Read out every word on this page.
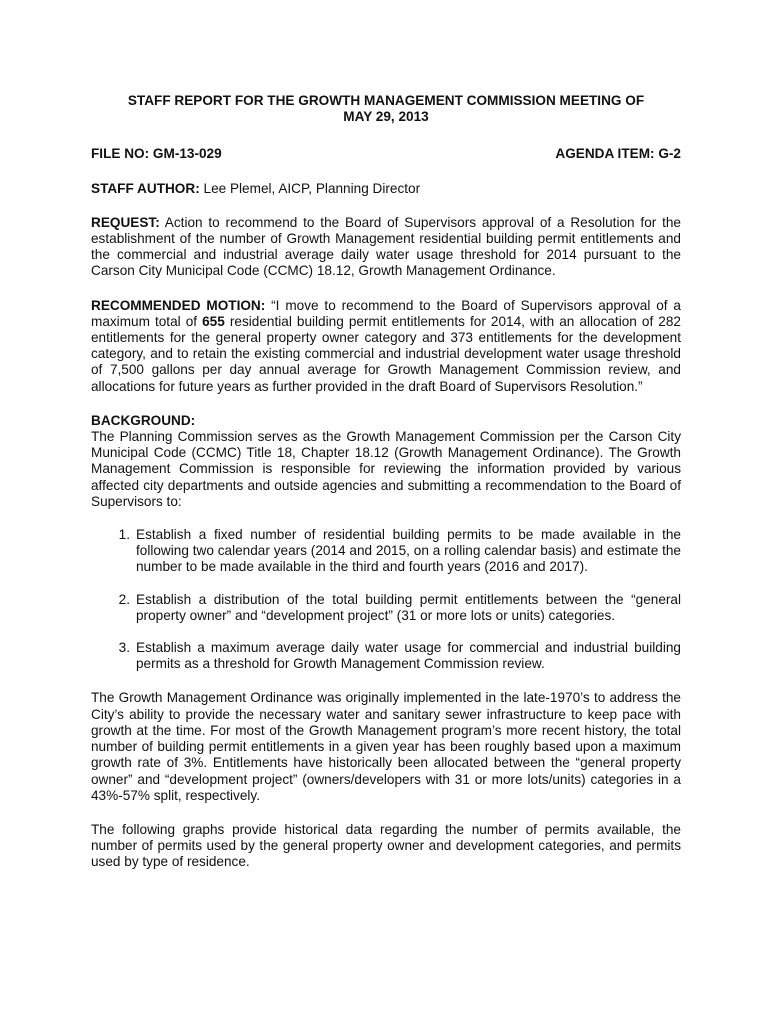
STAFF REPORT FOR THE GROWTH MANAGEMENT COMMISSION MEETING OF
MAY 29, 2013

FILE NO: GM-13-029	AGENDA ITEM: G-2

STAFF AUTHOR: Lee Plemel, AICP, Planning Director

REQUEST: Action to recommend to the Board of Supervisors approval of a Resolution for the establishment of the number of Growth Management residential building permit entitlements and the commercial and industrial average daily water usage threshold for 2014 pursuant to the Carson City Municipal Code (CCMC) 18.12, Growth Management Ordinance.

RECOMMENDED MOTION: “I move to recommend to the Board of Supervisors approval of a maximum total of 655 residential building permit entitlements for 2014, with an allocation of 282 entitlements for the general property owner category and 373 entitlements for the development category, and to retain the existing commercial and industrial development water usage threshold of 7,500 gallons per day annual average for Growth Management Commission review, and allocations for future years as further provided in the draft Board of Supervisors Resolution.”

BACKGROUND:

The Planning Commission serves as the Growth Management Commission per the Carson City Municipal Code (CCMC) Title 18, Chapter 18.12 (Growth Management Ordinance). The Growth Management Commission is responsible for reviewing the information provided by various affected city departments and outside agencies and submitting a recommendation to the Board of Supervisors to:

1. Establish a fixed number of residential building permits to be made available in the following two calendar years (2014 and 2015, on a rolling calendar basis) and estimate the number to be made available in the third and fourth years (2016 and 2017).
2. Establish a distribution of the total building permit entitlements between the “general property owner” and “development project” (31 or more lots or units) categories.
3. Establish a maximum average daily water usage for commercial and industrial building permits as a threshold for Growth Management Commission review.

The Growth Management Ordinance was originally implemented in the late-1970’s to address the City’s ability to provide the necessary water and sanitary sewer infrastructure to keep pace with growth at the time. For most of the Growth Management program’s more recent history, the total number of building permit entitlements in a given year has been roughly based upon a maximum growth rate of 3%. Entitlements have historically been allocated between the “general property owner” and “development project” (owners/developers with 31 or more lots/units) categories in a 43%-57% split, respectively.

The following graphs provide historical data regarding the number of permits available, the number of permits used by the general property owner and development categories, and permits used by type of residence.
